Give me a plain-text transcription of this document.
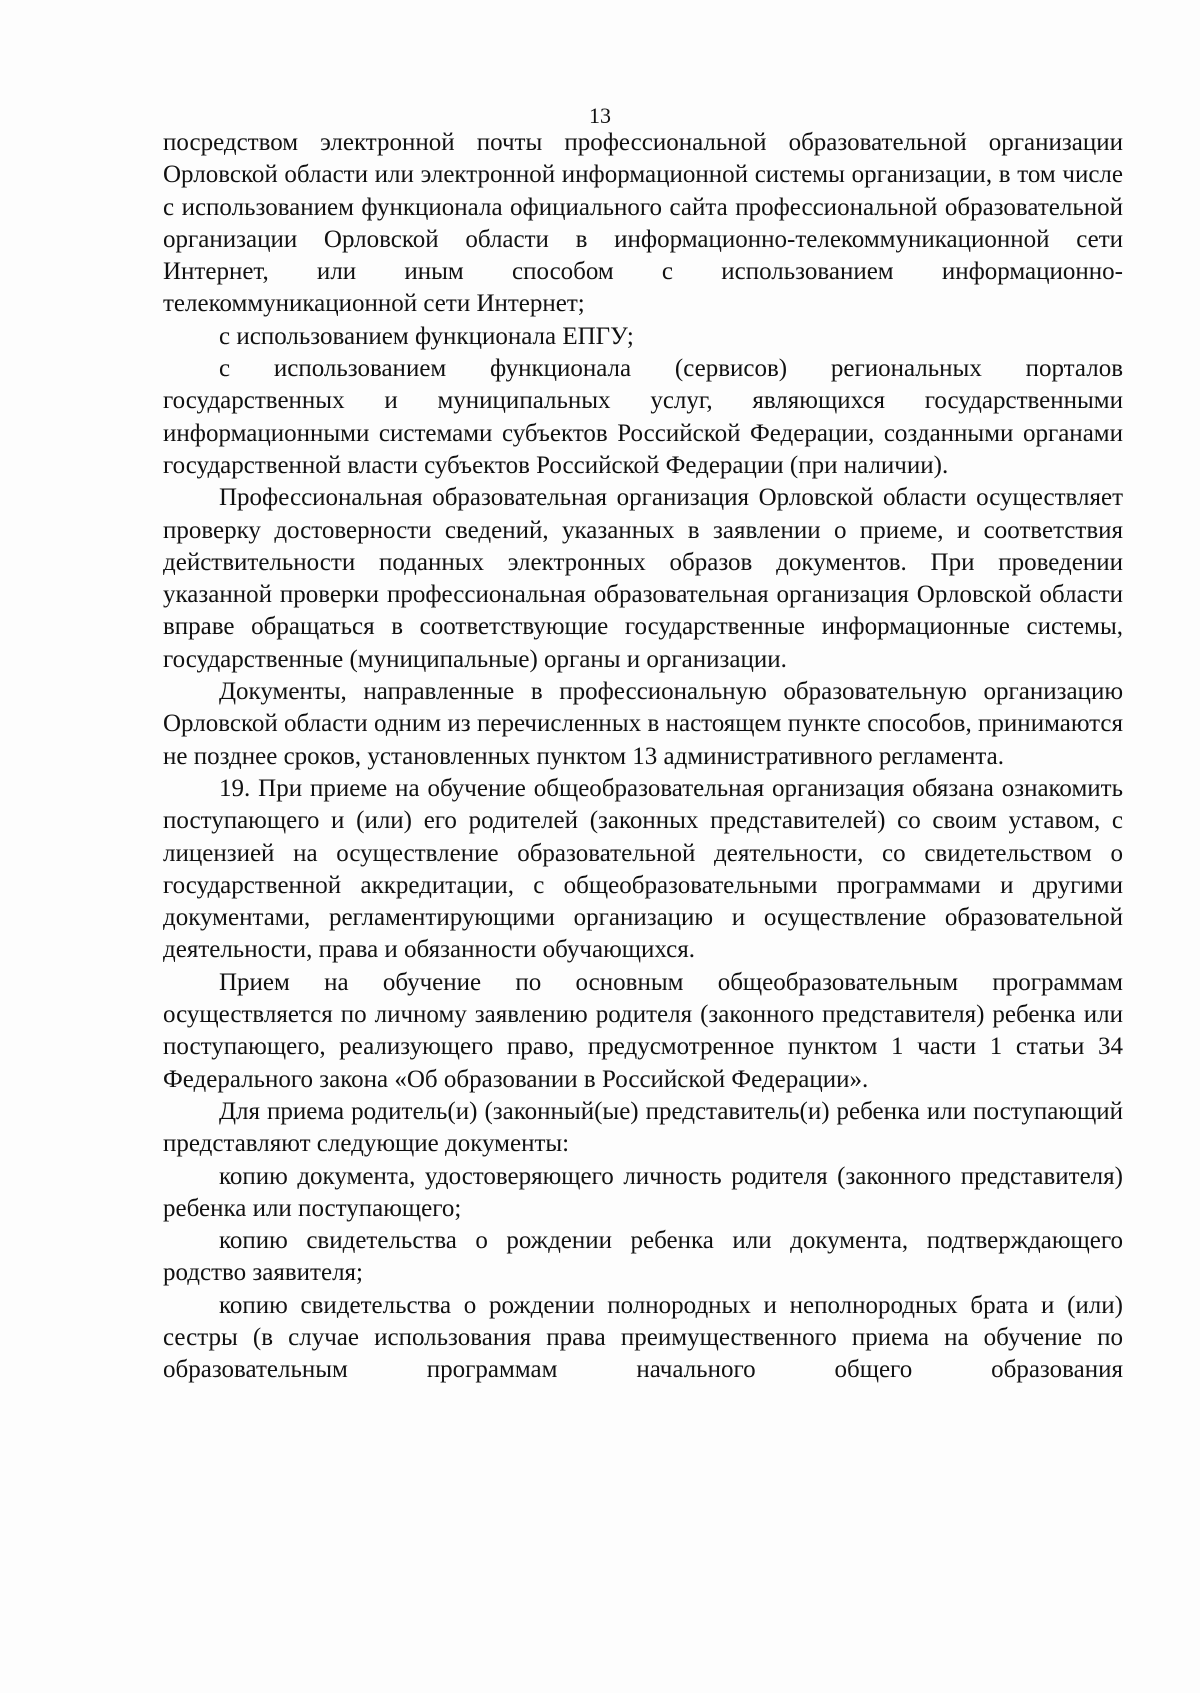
13

посредством электронной почты профессиональной образовательной организации Орловской области или электронной информационной системы организации, в том числе с использованием функционала официального сайта профессиональной образовательной организации Орловской области в информационно-телекоммуникационной сети Интернет, или иным способом с использованием информационно-телекоммуникационной сети Интернет;

с использованием функционала ЕПГУ;

с использованием функционала (сервисов) региональных порталов государственных и муниципальных услуг, являющихся государственными информационными системами субъектов Российской Федерации, созданными органами государственной власти субъектов Российской Федерации (при наличии).

Профессиональная образовательная организация Орловской области осуществляет проверку достоверности сведений, указанных в заявлении о приеме, и соответствия действительности поданных электронных образов документов. При проведении указанной проверки профессиональная образовательная организация Орловской области вправе обращаться в соответствующие государственные информационные системы, государственные (муниципальные) органы и организации.

Документы, направленные в профессиональную образовательную организацию Орловской области одним из перечисленных в настоящем пункте способов, принимаются не позднее сроков, установленных пунктом 13 административного регламента.

19. При приеме на обучение общеобразовательная организация обязана ознакомить поступающего и (или) его родителей (законных представителей) со своим уставом, с лицензией на осуществление образовательной деятельности, со свидетельством о государственной аккредитации, с общеобразовательными программами и другими документами, регламентирующими организацию и осуществление образовательной деятельности, права и обязанности обучающихся.

Прием на обучение по основным общеобразовательным программам осуществляется по личному заявлению родителя (законного представителя) ребенка или поступающего, реализующего право, предусмотренное пунктом 1 части 1 статьи 34 Федерального закона «Об образовании в Российской Федерации».

Для приема родитель(и) (законный(ые) представитель(и) ребенка или поступающий представляют следующие документы:

копию документа, удостоверяющего личность родителя (законного представителя) ребенка или поступающего;

копию свидетельства о рождении ребенка или документа, подтверждающего родство заявителя;

копию свидетельства о рождении полнородных и неполнородных брата и (или) сестры (в случае использования права преимущественного приема на обучение по образовательным программам начального общего образования
